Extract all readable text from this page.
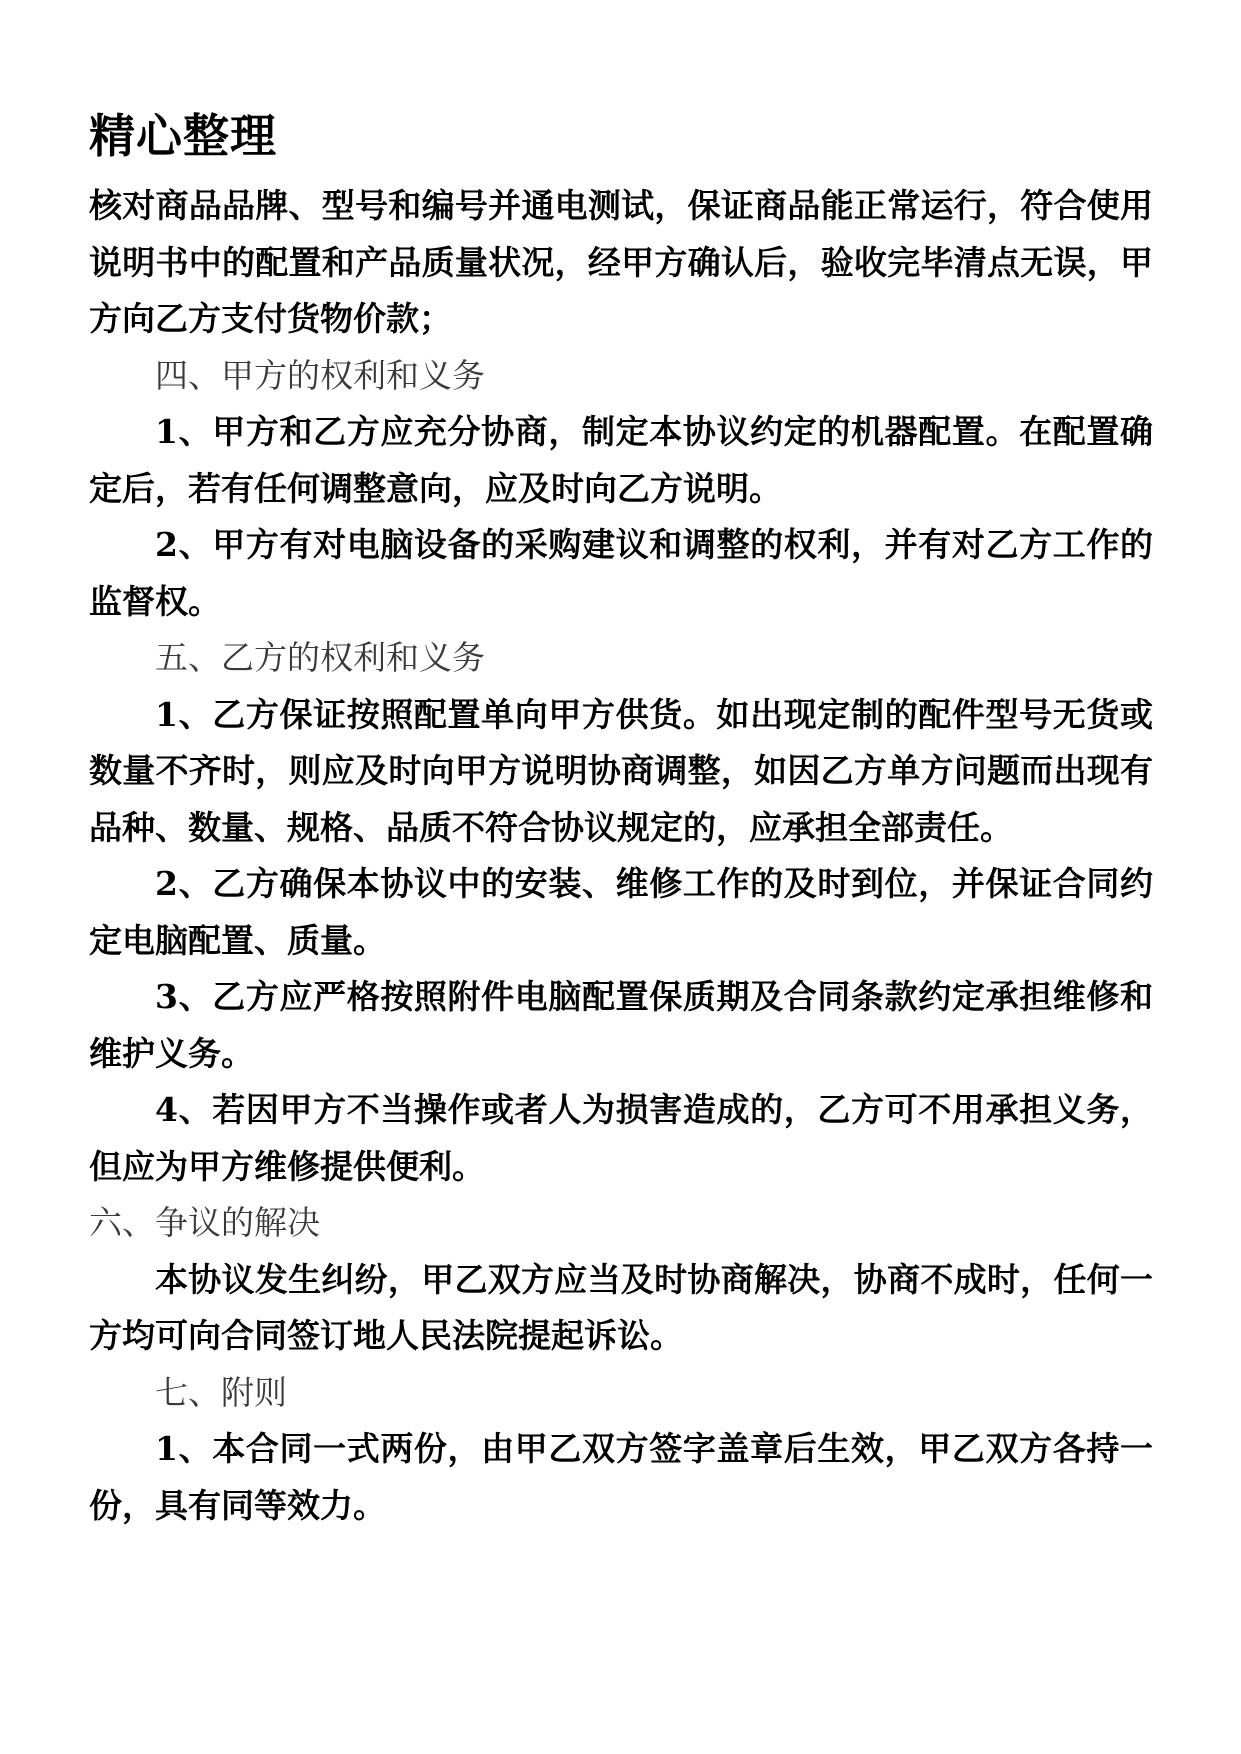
精心整理

核对商品品牌、型号和编号并通电测试，保证商品能正常运行，符合使用说明书中的配置和产品质量状况，经甲方确认后，验收完毕清点无误，甲方向乙方支付货物价款；

四、甲方的权利和义务

1、甲方和乙方应充分协商，制定本协议约定的机器配置。在配置确定后，若有任何调整意向，应及时向乙方说明。

2、甲方有对电脑设备的采购建议和调整的权利，并有对乙方工作的监督权。

五、乙方的权利和义务

1、乙方保证按照配置单向甲方供货。如出现定制的配件型号无货或数量不齐时，则应及时向甲方说明协商调整，如因乙方单方问题而出现有品种、数量、规格、品质不符合协议规定的，应承担全部责任。

2、乙方确保本协议中的安装、维修工作的及时到位，并保证合同约定电脑配置、质量。

3、乙方应严格按照附件电脑配置保质期及合同条款约定承担维修和维护义务。

4、若因甲方不当操作或者人为损害造成的，乙方可不用承担义务，但应为甲方维修提供便利。

六、争议的解决

本协议发生纠纷，甲乙双方应当及时协商解决，协商不成时，任何一方均可向合同签订地人民法院提起诉讼。

七、附则

1、本合同一式两份，由甲乙双方签字盖章后生效，甲乙双方各持一份，具有同等效力。
